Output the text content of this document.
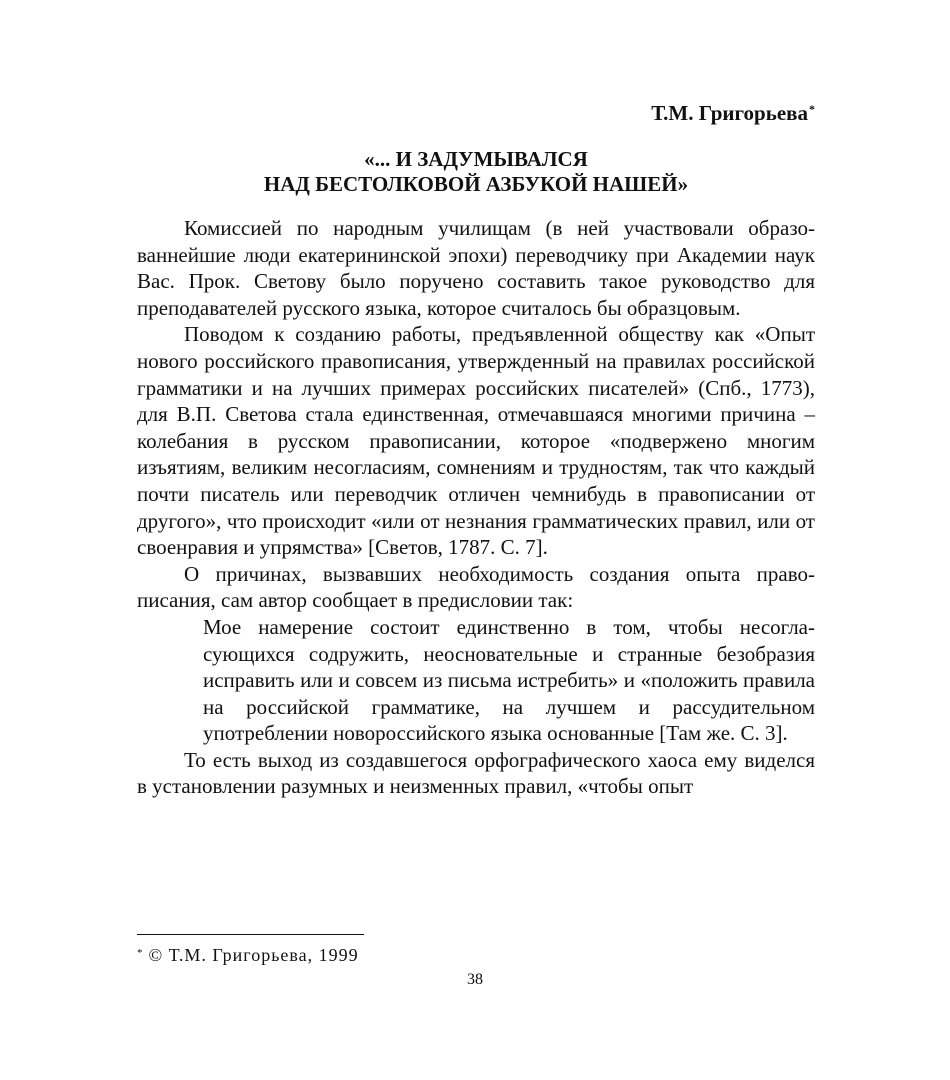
Т.М. Григорьева*

«... И ЗАДУМЫВАЛСЯ
НАД БЕСТОЛКОВОЙ АЗБУКОЙ НАШЕЙ»

Комиссией по народным училищам (в ней участвовали образованнейшие люди екатерининской эпохи) переводчику при Академии наук Вас. Прок. Светову было поручено составить такое руководство для преподавателей русского языка, которое считалось бы образцовым.

Поводом к созданию работы, предъявленной обществу как «Опыт нового российского правописания, утвержденный на правилах российской грамматики и на лучших примерах российских писателей» (Спб., 1773), для В.П. Светова стала единственная, отмечавшаяся многими причина – колебания в русском правописании, которое «подвержено многим изъятиям, великим несогласиям, сомнениям и трудностям, так что каждый почти писатель или переводчик отличен чемнибудь в правописании от другого», что происходит «или от незнания грамматических правил, или от своенравия и упрямства» [Светов, 1787. С. 7].

О причинах, вызвавших необходимость создания опыта правописания, сам автор сообщает в предисловии так:

Мое намерение состоит единственно в том, чтобы несогласующихся содружить, неосновательные и странные безобразия исправить или и совсем из письма истребить» и «положить правила на российской грамматике, на лучшем и рассудительном употреблении новороссийского языка основанные [Там же. С. 3].

То есть выход из создавшегося орфографического хаоса ему виделся в установлении разумных и неизменных правил, «чтобы опыт

* © Т.М. Григорьева, 1999

38
